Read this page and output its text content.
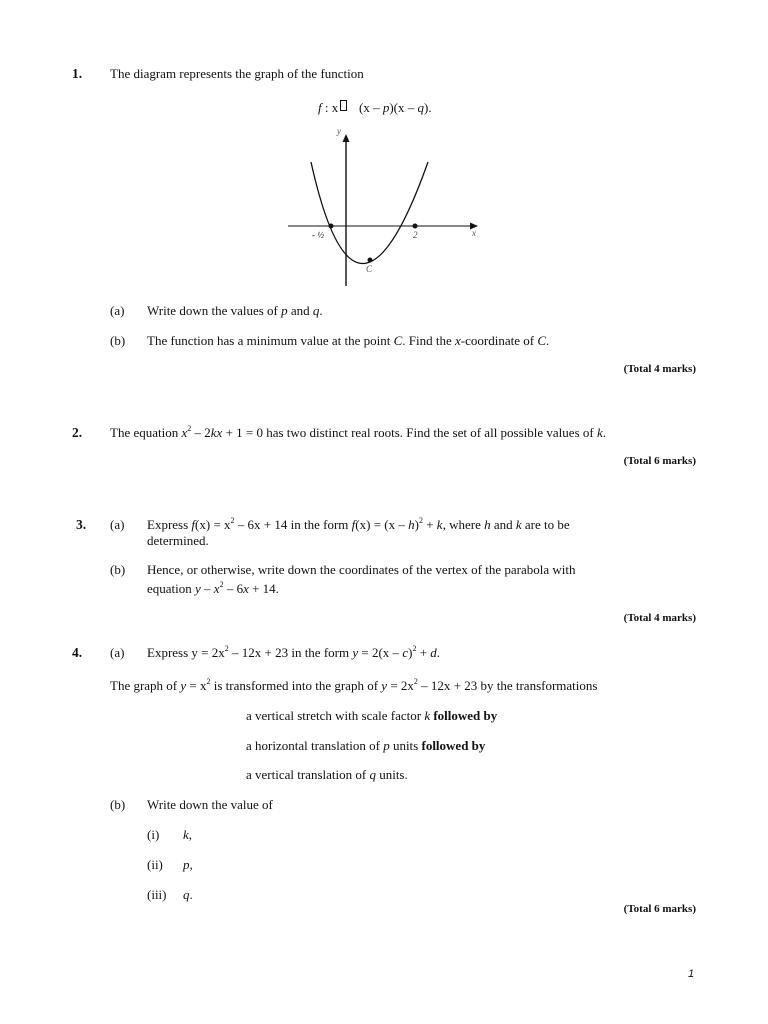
1. The diagram represents the graph of the function
f : x (x – p)(x – q).
y
x
- ½	2
C
(a) Write down the values of p and q.
(b) The function has a minimum value at the point C. Find the x-coordinate of C.
(Total 4 marks)
2. The equation $x^2 - 2kx + 1 = 0$ has two distinct real roots. Find the set of all possible values of k.
(Total 6 marks)
3. (a) Express $f(x) = x^2 - 6x + 14$ in the form f(x) = (x – h)$^2$ + k, where h and k are to be
determined.
(b) Hence, or otherwise, write down the coordinates of the vertex of the parabola with
equation $y - x^2 - 6x + 14$.
(Total 4 marks)
4. (a) Express $y = 2x^2 - 12x + 23$ in the form y = 2(x – c)$^2$ + d.
The graph of $y = x^2$ is transformed into the graph of $y = 2x^2 - 12x + 23$ by the transformations
a vertical stretch with scale factor k followed by
a horizontal translation of p units followed by
a vertical translation of q units.
(b) Write down the value of
(i) k,
(ii) p,
(iii) q.
(Total 6 marks)
1
